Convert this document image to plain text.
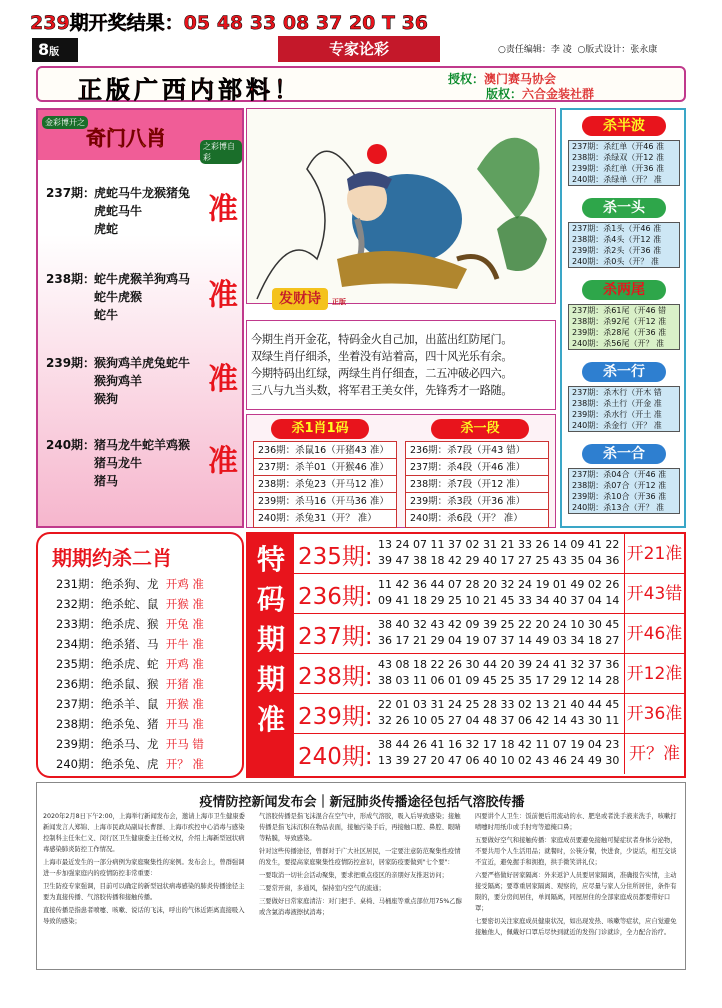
239期开奖结果：05 48 33 08 37 20 T 36
8版	专家论彩	○责任编辑：李 凌 ○版式设计：张永康
正版广西内部料！	授权：澳门赛马协会
版权：六合金装社群
金彩博开之
奇门八肖	之彩博自彩
237期：
虎蛇马牛龙猴猪兔
虎蛇马牛
虎蛇
准
238期：
蛇牛虎猴羊狗鸡马
蛇牛虎猴
蛇牛
准
239期：
猴狗鸡羊虎兔蛇牛
猴狗鸡羊
猴狗
准
240期：
猪马龙牛蛇羊鸡猴
猪马龙牛
猪马
准
发财诗	正版
今期生肖开金花，特码金火自己加，出蓝出红防尾门。
双绿生肖仔细杀，坐着没有站着高，四十风光乐有余。
今期特码出红绿，两绿生肖仔细查，二五冲破必四六。
三八与九当头数，将军君王美女伴，先锋秀才一路随。
杀1肖1码	杀一段
236期：杀鼠16（开猪43 准）
237期：杀羊01（开猴46 准）
238期：杀兔23（开马12 准）
239期：杀马16（开马36 准）
240期：杀兔31（开？ 准）
236期：杀7段（开43 错）
237期：杀4段（开46 准）
238期：杀7段（开12 准）
239期：杀3段（开36 准）
240期：杀6段（开？ 准）
杀半波
237期：杀红单（开46 准
238期：杀绿双（开12 准
239期：杀红单（开36 准
240期：杀绿单（开？ 准
杀一头
237期：杀1头（开46 准
238期：杀4头（开12 准
239期：杀2头（开36 准
240期：杀0头（开？ 准
杀两尾
237期：杀61尾（开46 错
238期：杀92尾（开12 准
239期：杀28尾（开36 准
240期：杀56尾（开？ 准
杀一行
237期：杀木行（开木 错
238期：杀土行（开金 准
239期：杀水行（开土 准
240期：杀金行（开？ 准
杀一合
237期：杀04合（开46 准
238期：杀07合（开12 准
239期：杀10合（开36 准
240期：杀13合（开？ 准
期期约杀二肖
231期：绝杀狗、龙 开鸡 准
232期：绝杀蛇、鼠 开猴 准
233期：绝杀虎、猴 开兔 准
234期：绝杀猪、马 开牛 准
235期：绝杀虎、蛇 开鸡 准
236期：绝杀鼠、猴 开猪 准
237期：绝杀羊、鼠 开猴 准
238期：绝杀兔、猪 开马 准
239期：绝杀马、龙 开马 错
240期：绝杀兔、虎 开？ 准
特
码
期
期
准
235期: 13 24 07 11 37 02 31 21 33 26 14 09 41 22
39 47 38 18 42 29 40 17 27 25 43 35 04 36 开21准
236期: 11 42 36 44 07 28 20 32 24 19 01 49 02 26
09 41 18 29 25 10 21 45 33 34 40 37 04 14 开43错
237期: 38 40 32 43 42 09 39 25 22 20 24 10 30 45
36 17 21 29 04 19 07 37 14 49 03 34 18 27 开46准
238期: 43 08 18 22 26 30 44 20 39 24 41 32 37 36
38 03 11 06 01 09 45 25 35 17 29 12 14 28 开12准
239期: 22 01 03 31 24 25 28 33 02 13 21 40 44 45
32 26 10 05 27 04 48 37 06 42 14 43 30 11 开36准
240期: 38 44 26 41 16 32 17 18 42 11 07 19 04 23
13 39 27 20 47 06 40 10 02 43 46 24 49 30 开？准
疫情防控新闻发布会｜新冠肺炎传播途径包括气溶胶传播

2020年2月8日下午2:00，上海举行新闻发布会，邀请上海市卫生健康委新闻发言人郑锦、上海市民政局副局长曹群、上海市疾控中心消毒与感染控制科主任朱仁义、闵行区卫生健康委主任杨文权，介绍上海新型冠状病毒感染肺炎防控工作情况。

上海市最近发生的一部分病例为家庭聚集性的案例。发布会上，曾群强调进一步加强家庭内的疫情防控非常重要：

卫生防疫专家强调，目前可以确定的新型冠状病毒感染的肺炎传播途径主要为直接传播、气溶胶传播和接触传播。

直接传播是指患者喷嚏、咳嗽、说话的飞沫，呼出的气体近距离直接吸入导致的感染；

气溶胶传播是指飞沫混合在空气中，形成气溶胶，吸入后导致感染；接触传播是指飞沫沉积在物品表面，接触污染手后，再接触口腔、鼻腔、眼睛等粘膜，导致感染。

针对这些传播途径，曾群对于广大社区居民，一定要注意防范聚集性疫情的发生，要提高家庭聚集性疫情防控意识，居家防疫要做到"七个要"：

一要取消一切社会活动聚集，要求把重点疫区的亲朋好友推迟访问；

二要常开窗，多通风，保持室内空气的流通；

三要做好日常家庭清洁：对门把手、桌椅、马桶座等重点部位用75%乙醇或含氯消毒液擦拭消毒；

四要讲个人卫生：饭前便后用流动的水、肥皂或者洗手液来洗手，咳嗽打喷嚏时用纸巾或手肘弯等遮掩口鼻；

五要做好空气和接触传播：家庭成员要避免接触可疑症状者身体分泌物，不要共用个人生活用品；就餐时，公筷分餐，快进食，少说话，相互交谈不宜近，避免握手和拥抱，拱手微笑讲礼仪；

六要严格做好居家隔离：外来返沪人员要居家隔离，准确报告实情，主动接受隔离；要尊重居家隔离、观察的，应尽量与家人分住所居住，条件有限的，要分房间居住，单间隔离，同屋居住的全部家庭成员都要带好口罩；

七要密切关注家庭成员健康状况，如出现发热、咳嗽等症状，应自觉避免接触他人，佩戴好口罩后尽快到就近的发热门诊就诊，全力配合治疗。
